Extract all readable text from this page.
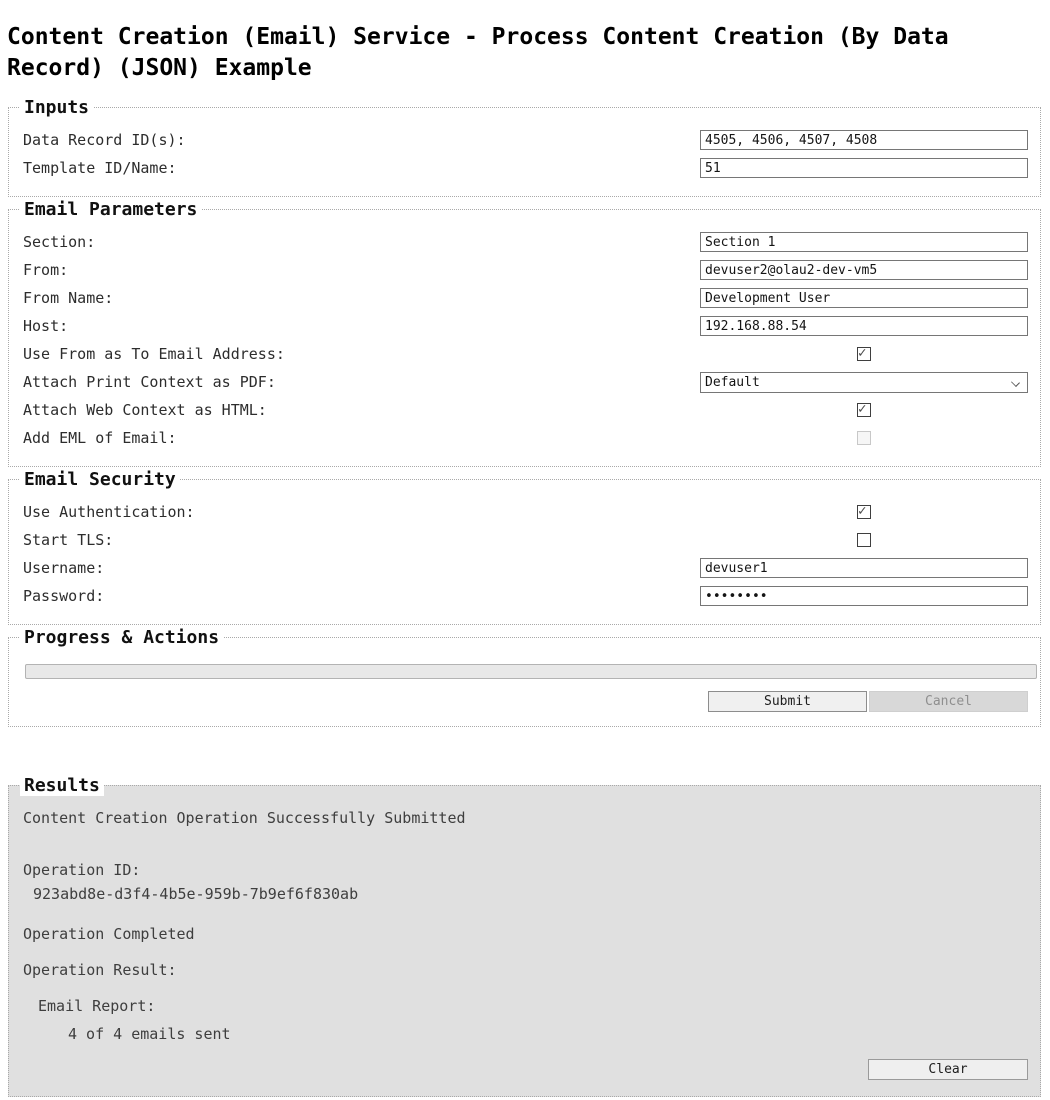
Content Creation (Email) Service - Process Content Creation (By Data Record) (JSON) Example
Inputs
Data Record ID(s):
4505, 4506, 4507, 4508
Template ID/Name:
51
Email Parameters
Section:
Section 1
From:
devuser2@olau2-dev-vm5
From Name:
Development User
Host:
192.168.88.54
Use From as To Email Address:
✓
Attach Print Context as PDF:	Default
Attach Web Context as HTML:
✓
Add EML of Email:
Email Security
Use Authentication:
✓
Start TLS:
Username:
devuser1
Password:
••••••••
Progress & Actions
Submit	Cancel
Results
Content Creation Operation Successfully Submitted
Operation ID:
923abd8e-d3f4-4b5e-959b-7b9ef6f830ab
Operation Completed
Operation Result:
Email Report:
4 of 4 emails sent
Clear
